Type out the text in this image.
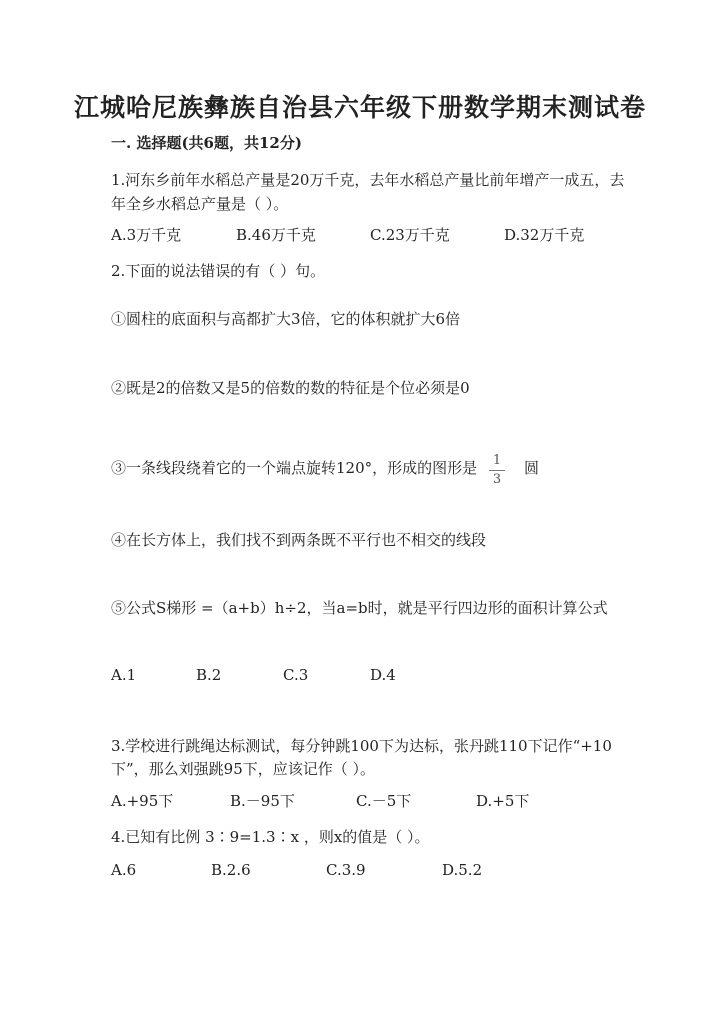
江城哈尼族彝族自治县六年级下册数学期末测试卷
一. 选择题(共6题，共12分)
1.河东乡前年水稻总产量是20万千克，去年水稻总产量比前年增产一成五，去
年全乡水稻总产量是（ ）。
A.3万千克	B.46万千克	C.23万千克	D.32万千克
2.下面的说法错误的有（ ）句。
①圆柱的底面积与高都扩大3倍，它的体积就扩大6倍
②既是2的倍数又是5的倍数的数的特征是个位必须是0
③一条线段绕着它的一个端点旋转120°，形成的图形是 1
3
圆
④在长方体上，我们找不到两条既不平行也不相交的线段
⑤公式S梯形 =（a+b）h÷2，当a=b时，就是平行四边形的面积计算公式
A.1	B.2	C.3	D.4
3.学校进行跳绳达标测试，每分钟跳100下为达标，张丹跳110下记作“+10
下”，那么刘强跳95下，应该记作（ ）。
A.+95下	B.－95下	C.－5下	D.+5下
4.已知有比例 3∶9=1.3∶x ，则x的值是（ ）。
A.6	B.2.6	C.3.9	D.5.2
